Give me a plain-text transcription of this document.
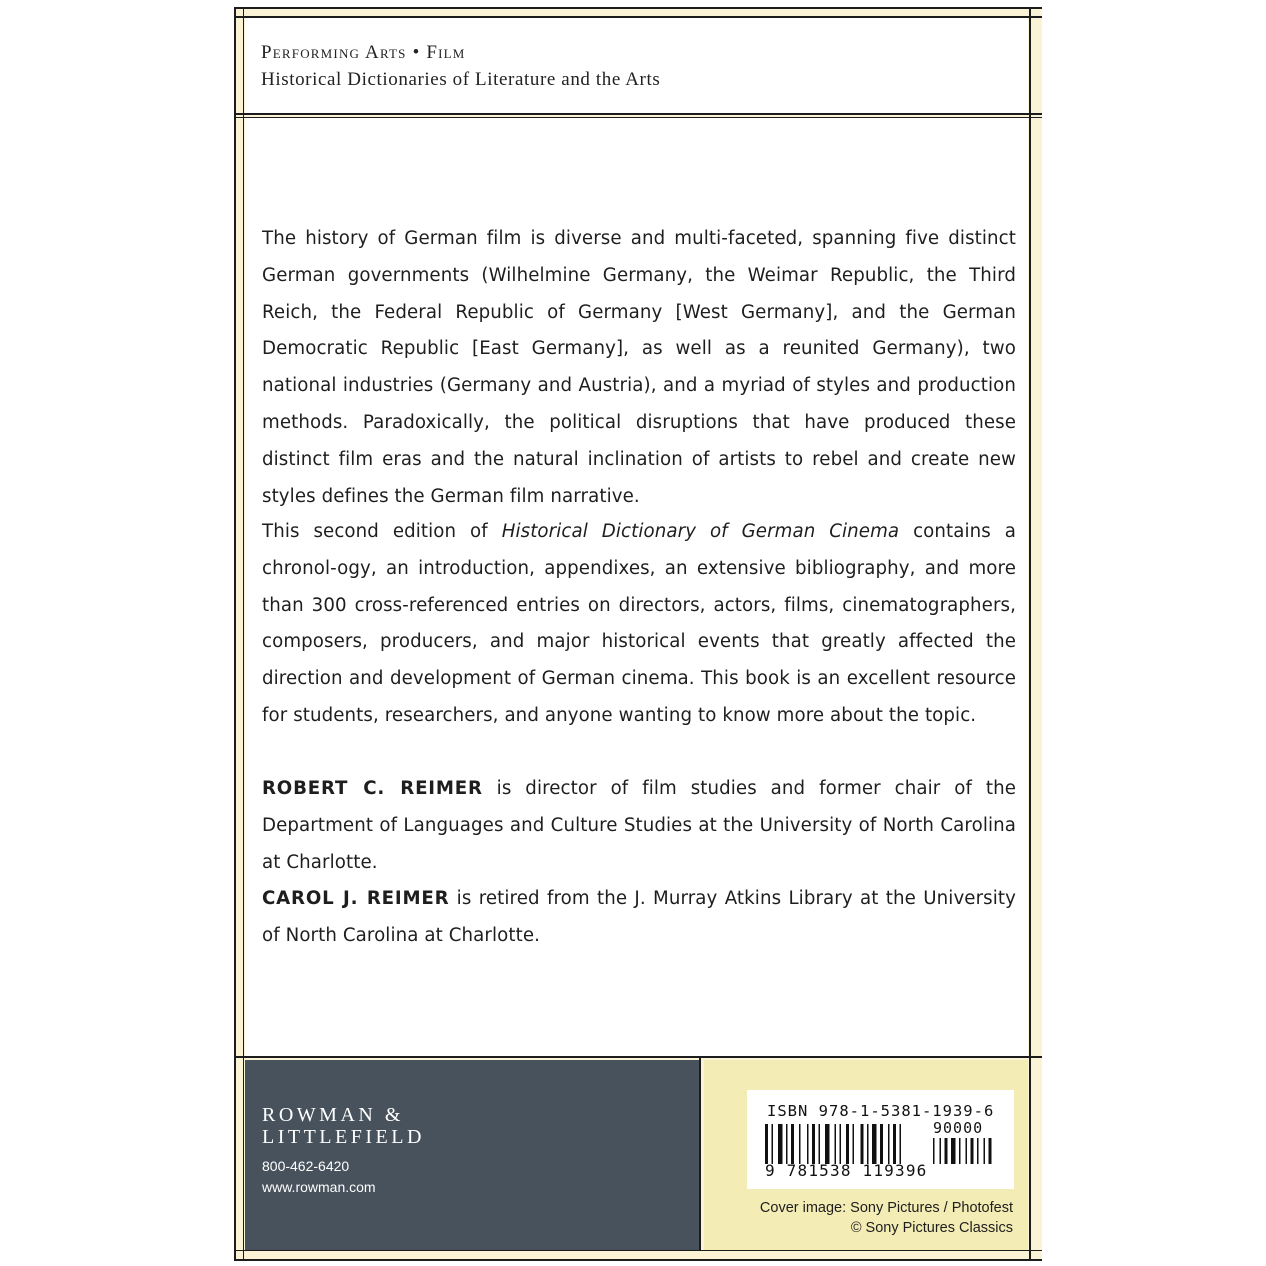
Performing Arts • Film
Historical Dictionaries of Literature and the Arts

The history of German film is diverse and multi-faceted, spanning five distinct German governments (Wilhelmine Germany, the Weimar Republic, the Third Reich, the Federal Republic of Germany [West Germany], and the German Democratic Republic [East Germany], as well as a reunited Germany), two national industries (Germany and Austria), and a myriad of styles and production methods. Paradoxically, the political disruptions that have produced these distinct film eras and the natural inclination of artists to rebel and create new styles defines the German film narrative.

This second edition of Historical Dictionary of German Cinema contains a chronol-ogy, an introduction, appendixes, an extensive bibliography, and more than 300 cross-referenced entries on directors, actors, films, cinematographers, composers, producers, and major historical events that greatly affected the direction and development of German cinema. This book is an excellent resource for students, researchers, and anyone wanting to know more about the topic.

ROBERT C. REIMER is director of film studies and former chair of the Department of Languages and Culture Studies at the University of North Carolina at Charlotte.

CAROL J. REIMER is retired from the J. Murray Atkins Library at the University of North Carolina at Charlotte.

ROWMAN &
LITTLEFIELD
800-462-6420
www.rowman.com
ISBN 978-1-5381-1939-6
90000
9 781538 119396
Cover image: Sony Pictures / Photofest
© Sony Pictures Classics
